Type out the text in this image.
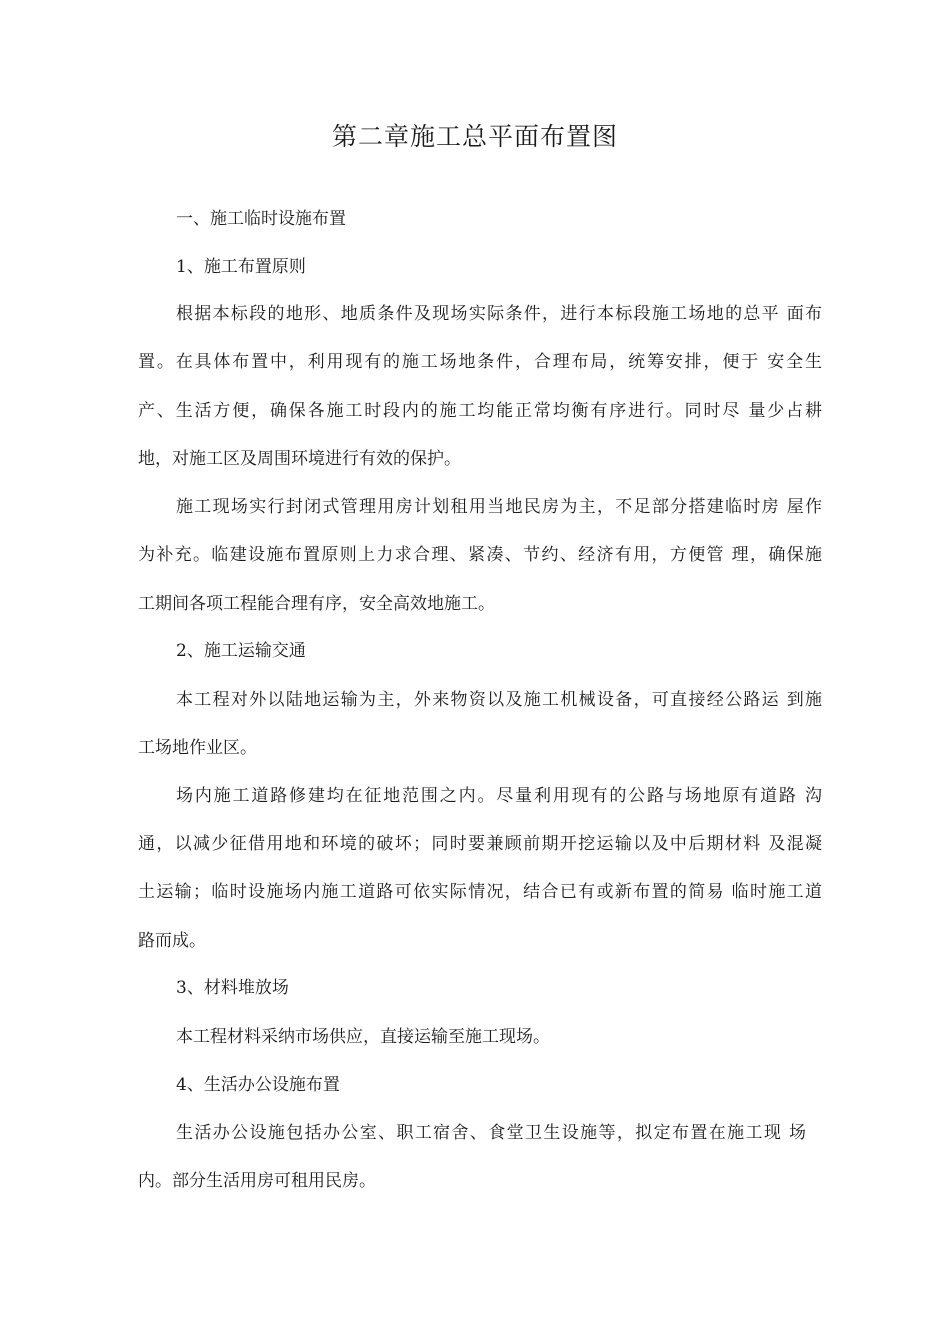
第二章施工总平面布置图
一、施工临时设施布置
1、施工布置原则
根据本标段的地形、地质条件及现场实际条件，进行本标段施工场地的总平 面布
置。在具体布置中，利用现有的施工场地条件，合理布局，统筹安排，便于 安全生
产、生活方便，确保各施工时段内的施工均能正常均衡有序进行。同时尽 量少占耕
地，对施工区及周围环境进行有效的保护。
施工现场实行封闭式管理用房计划租用当地民房为主，不足部分搭建临时房 屋作
为补充。临建设施布置原则上力求合理、紧凑、节约、经济有用，方便管 理，确保施
工期间各项工程能合理有序，安全高效地施工。
2、施工运输交通
本工程对外以陆地运输为主，外来物资以及施工机械设备，可直接经公路运 到施
工场地作业区。
场内施工道路修建均在征地范围之内。尽量利用现有的公路与场地原有道路 沟
通，以减少征借用地和环境的破坏；同时要兼顾前期开挖运输以及中后期材料 及混凝
土运输；临时设施场内施工道路可依实际情况，结合已有或新布置的简易 临时施工道
路而成。
3、材料堆放场
本工程材料采纳市场供应，直接运输至施工现场。
4、生活办公设施布置
生活办公设施包括办公室、职工宿舍、食堂卫生设施等，拟定布置在施工现 场
内。部分生活用房可租用民房。
